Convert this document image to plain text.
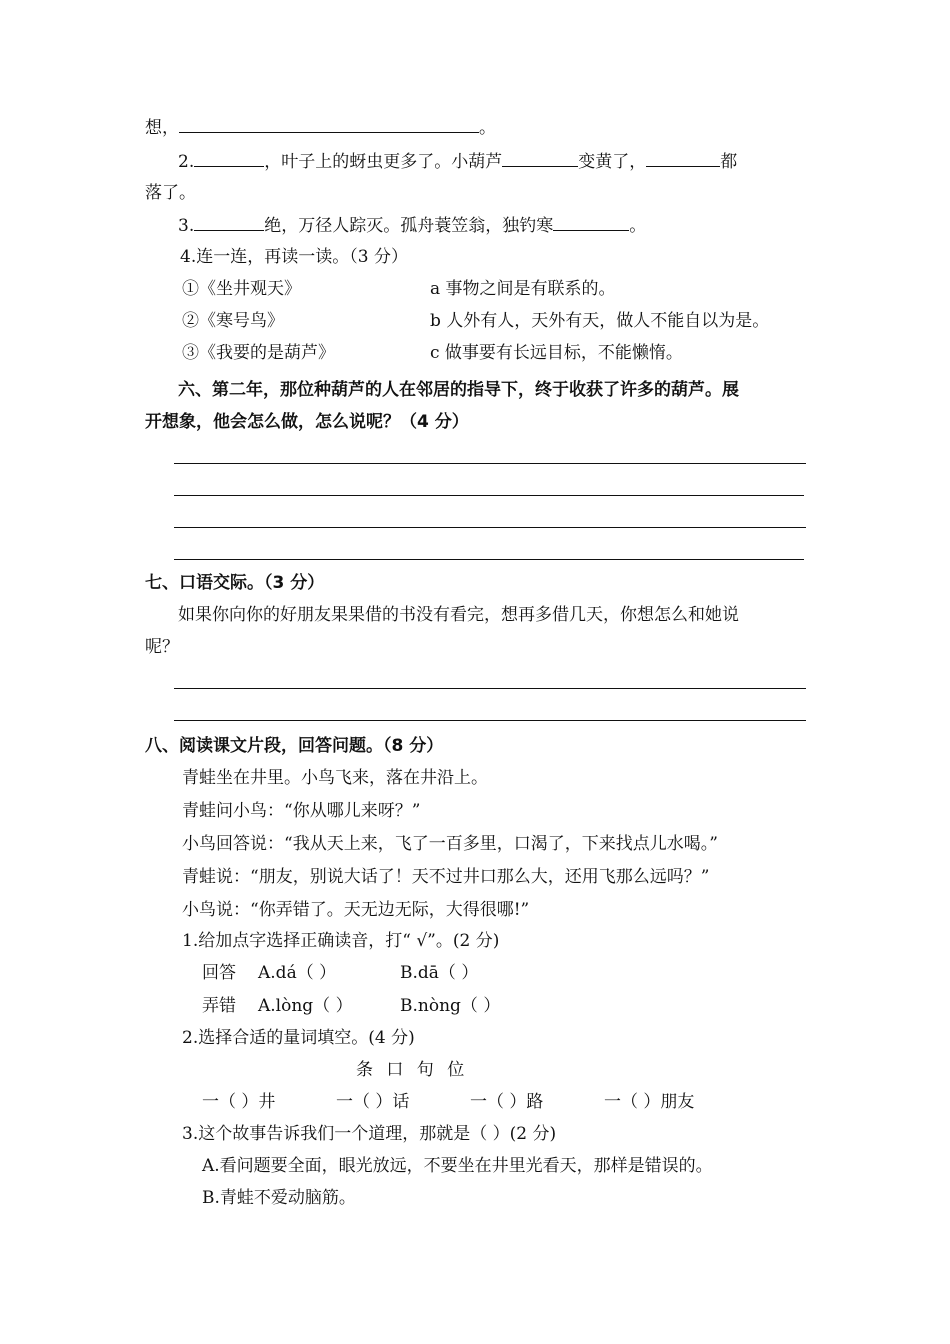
想，	。
2.	，叶子上的蚜虫更多了。小葫芦	变黄了，	都
落了。
3.	绝，万径人踪灭。孤舟蓑笠翁，独钓寒	。
4.连一连，再读一读。（3 分）
①《坐井观天》	a 事物之间是有联系的。
②《寒号鸟》	b 人外有人，天外有天，做人不能自以为是。
③《我要的是葫芦》	c 做事要有长远目标，不能懒惰。
六、第二年，那位种葫芦的人在邻居的指导下，终于收获了许多的葫芦。展
开想象，他会怎么做，怎么说呢？（4 分）
七、口语交际。（3 分）
如果你向你的好朋友果果借的书没有看完，想再多借几天，你想怎么和她说
呢？
八、阅读课文片段，回答问题。（8 分）
青蛙坐在井里。小鸟飞来，落在井沿上。
青蛙问小鸟：“你从哪儿来呀？”
小鸟回答说：“我从天上来，飞了一百多里，口渴了，下来找点儿水喝。”
青蛙说：“朋友，别说大话了！天不过井口那么大，还用飞那么远吗？”
小鸟说：“你弄错了。天无边无际，大得很哪!”
1.给加点字选择正确读音，打“ √”。(2 分)
回答 A.dá（ ）	B.dā（ ）
弄错 A.lòng（ ）	B.nòng（ ）
2.选择合适的量词填空。(4 分)
条 口 句 位
一（ ）井	一（ ）话	一（ ）路	一（ ）朋友
3.这个故事告诉我们一个道理，那就是（ ）(2 分)
A.看问题要全面，眼光放远，不要坐在井里光看天，那样是错误的。
B.青蛙不爱动脑筋。
